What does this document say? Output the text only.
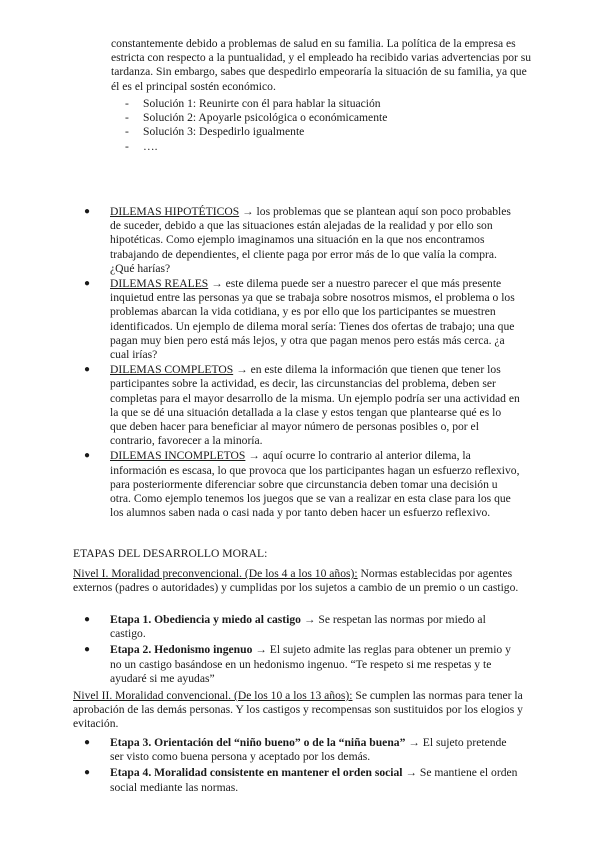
constantemente debido a problemas de salud en su familia. La política de la empresa es estricta con respecto a la puntualidad, y el empleado ha recibido varias advertencias por su tardanza. Sin embargo, sabes que despedirlo empeoraría la situación de su familia, ya que él es el principal sostén económico.

- Solución 1: Reunirte con él para hablar la situación
- Solución 2: Apoyarle psicológica o económicamente
- Solución 3: Despedirlo igualmente
- ….
● DILEMAS HIPOTÉTICOS → los problemas que se plantean aquí son poco probables de suceder, debido a que las situaciones están alejadas de la realidad y por ello son hipotéticas. Como ejemplo imaginamos una situación en la que nos encontramos trabajando de dependientes, el cliente paga por error más de lo que valía la compra. ¿Qué harías?
● DILEMAS REALES → este dilema puede ser a nuestro parecer el que más presente inquietud entre las personas ya que se trabaja sobre nosotros mismos, el problema o los problemas abarcan la vida cotidiana, y es por ello que los participantes se muestren identificados. Un ejemplo de dilema moral sería: Tienes dos ofertas de trabajo; una que pagan muy bien pero está más lejos, y otra que pagan menos pero estás más cerca. ¿a cual irías?
● DILEMAS COMPLETOS → en este dilema la información que tienen que tener los participantes sobre la actividad, es decir, las circunstancias del problema, deben ser completas para el mayor desarrollo de la misma. Un ejemplo podría ser una actividad en la que se dé una situación detallada a la clase y estos tengan que plantearse qué es lo que deben hacer para beneficiar al mayor número de personas posibles o, por el contrario, favorecer a la minoría.
● DILEMAS INCOMPLETOS → aquí ocurre lo contrario al anterior dilema, la información es escasa, lo que provoca que los participantes hagan un esfuerzo reflexivo, para posteriormente diferenciar sobre que circunstancia deben tomar una decisión u otra. Como ejemplo tenemos los juegos que se van a realizar en esta clase para los que los alumnos saben nada o casi nada y por tanto deben hacer un esfuerzo reflexivo.

ETAPAS DEL DESARROLLO MORAL:

Nivel I. Moralidad preconvencional. (De los 4 a los 10 años): Normas establecidas por agentes externos (padres o autoridades) y cumplidas por los sujetos a cambio de un premio o un castigo.

● Etapa 1. Obediencia y miedo al castigo → Se respetan las normas por miedo al castigo.
● Etapa 2. Hedonismo ingenuo → El sujeto admite las reglas para obtener un premio y no un castigo basándose en un hedonismo ingenuo. “Te respeto si me respetas y te ayudaré si me ayudas”

Nivel II. Moralidad convencional. (De los 10 a los 13 años): Se cumplen las normas para tener la aprobación de las demás personas. Y los castigos y recompensas son sustituidos por los elogios y evitación.

● Etapa 3. Orientación del “niño bueno” o de la “niña buena” → El sujeto pretende ser visto como buena persona y aceptado por los demás.
● Etapa 4. Moralidad consistente en mantener el orden social → Se mantiene el orden social mediante las normas.
